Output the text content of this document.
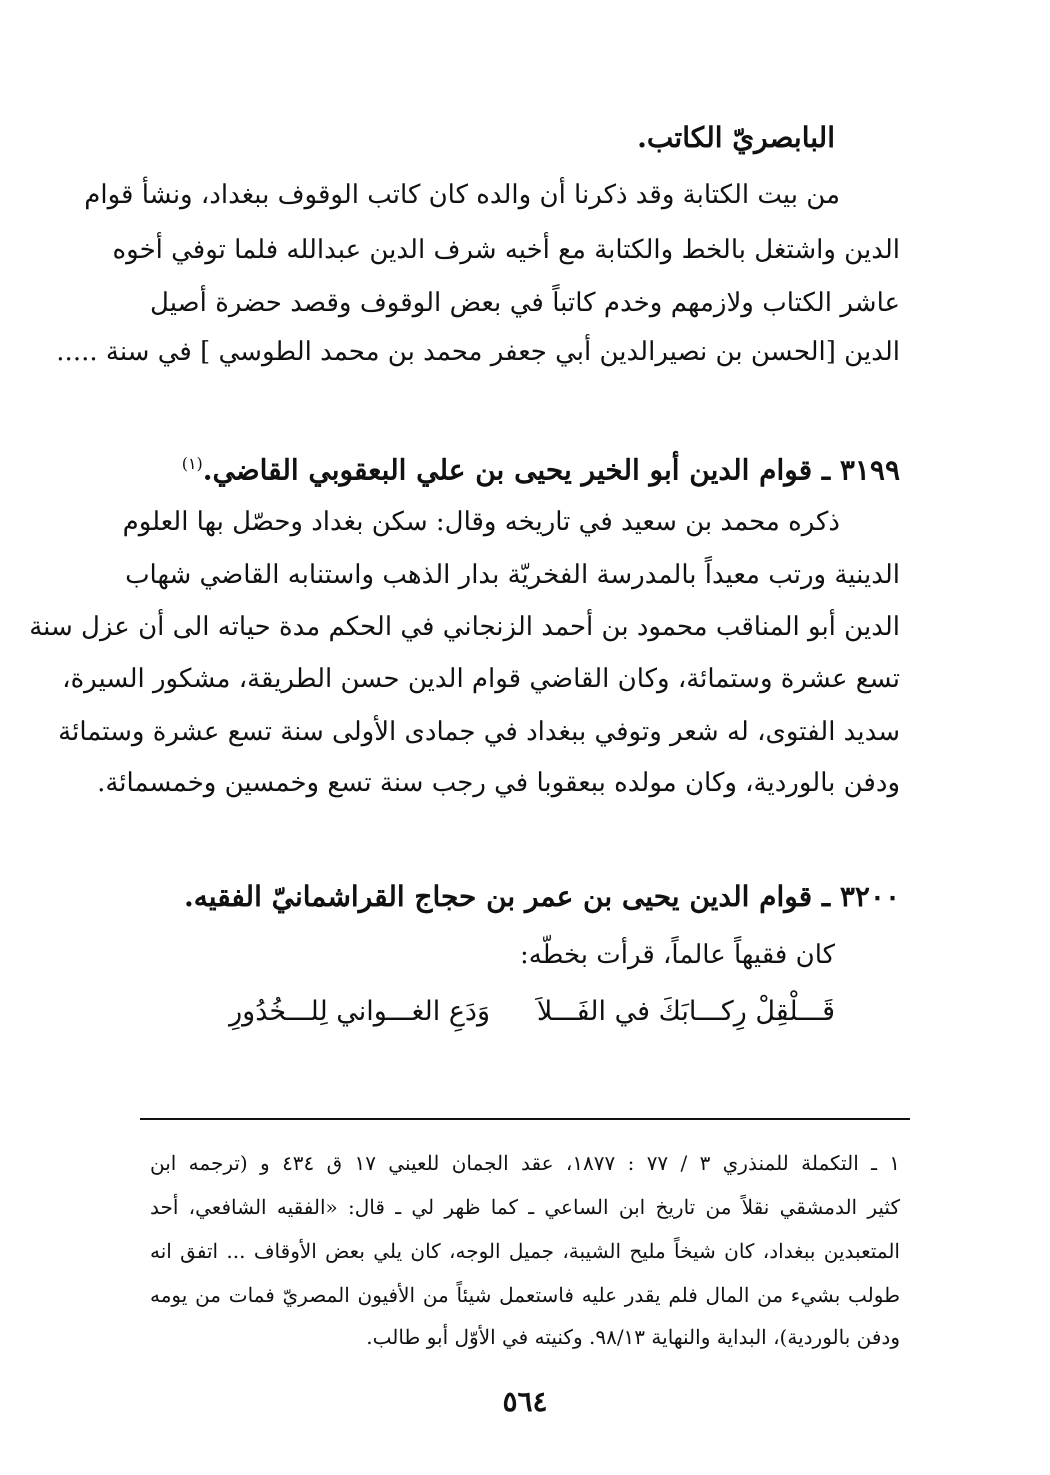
البابصريّ الكاتب.
من بيت الكتابة وقد ذكرنا أن والده كان كاتب الوقوف ببغداد، ونشأ قوام
الدين واشتغل بالخط والكتابة مع أخيه شرف الدين عبدالله فلما توفي أخوه
عاشر الكتاب ولازمهم وخدم كاتباً في بعض الوقوف وقصد حضرة أصيل
الدين [الحسن بن نصيرالدين أبي جعفر محمد بن محمد الطوسي ] في سنة .....
٣١٩٩ ـ قوام الدين أبو الخير يحيى بن علي البعقوبي القاضي.$^{(١)}$
ذكره محمد بن سعيد في تاريخه وقال: سكن بغداد وحصّل بها العلوم
الدينية ورتب معيداً بالمدرسة الفخريّة بدار الذهب واستنابه القاضي شهاب
الدين أبو المناقب محمود بن أحمد الزنجاني في الحكم مدة حياته الى أن عزل سنة
تسع عشرة وستمائة، وكان القاضي قوام الدين حسن الطريقة، مشكور السيرة،
سديد الفتوى، له شعر وتوفي ببغداد في جمادى الأولى سنة تسع عشرة وستمائة
ودفن بالوردية، وكان مولده ببعقوبا في رجب سنة تسع وخمسين وخمسمائة.
٣٢٠٠ ـ قوام الدين يحيى بن عمر بن حجاج القراشمانيّ الفقيه.
كان فقيهاً عالماً، قرأت بخطّه:
قَـــلْقِلْ رِكـــابَكَ في الفَـــلاَ
وَدَعِ الغـــواني لِلـــخُدُورِ
١ ـ التكملة للمنذري ٣ / ٧٧ : ١٨٧٧، عقد الجمان للعيني ١٧ ق ٤٣٤ و (ترجمه ابن
كثير الدمشقي نقلاً من تاريخ ابن الساعي ـ كما ظهر لي ـ قال: «الفقيه الشافعي، أحد
المتعبدين ببغداد، كان شيخاً مليح الشيبة، جميل الوجه، كان يلي بعض الأوقاف ... اتفق انه
طولب بشيء من المال فلم يقدر عليه فاستعمل شيئاً من الأفيون المصريّ فمات من يومه
ودفن بالوردية)، البداية والنهاية ٩٨/١٣. وكنيته في الأوّل أبو طالب.
٥٦٤
